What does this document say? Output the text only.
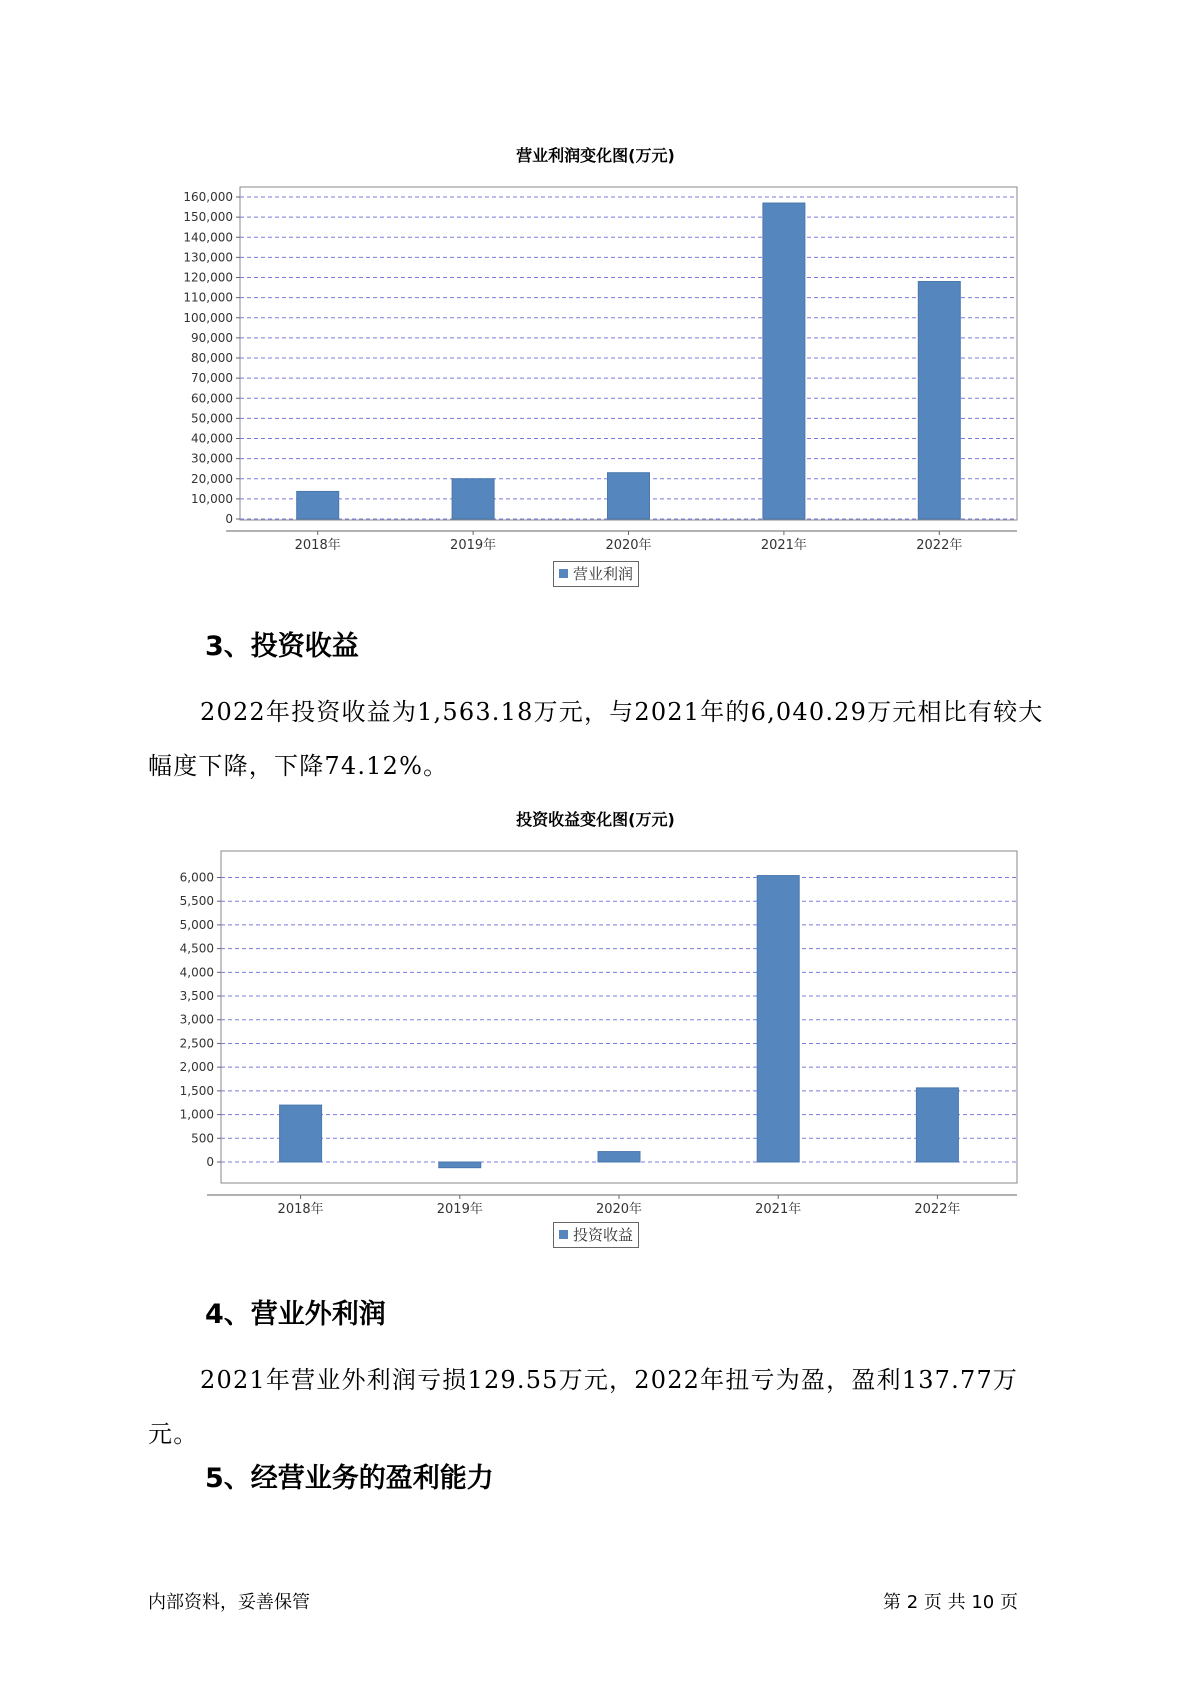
营业利润变化图(万元)
0
10,000
20,000
30,000
40,000
50,000
60,000
70,000
80,000
90,000
100,000
110,000
120,000
130,000
140,000
150,000
160,000
2018年	2019年	2020年	2021年	2022年
营业利润
3、投资收益
2022年投资收益为1,563.18万元，与2021年的6,040.29万元相比有较大幅度下降，下降74.12%。
投资收益变化图(万元)
0
500
1,000
1,500
2,000
2,500
3,000
3,500
4,000
4,500
5,000
5,500
6,000
2018年	2019年	2020年	2021年	2022年
投资收益
4、营业外利润
2021年营业外利润亏损129.55万元，2022年扭亏为盈，盈利137.77万元。
5、经营业务的盈利能力
内部资料，妥善保管	第 2 页 共 10 页
